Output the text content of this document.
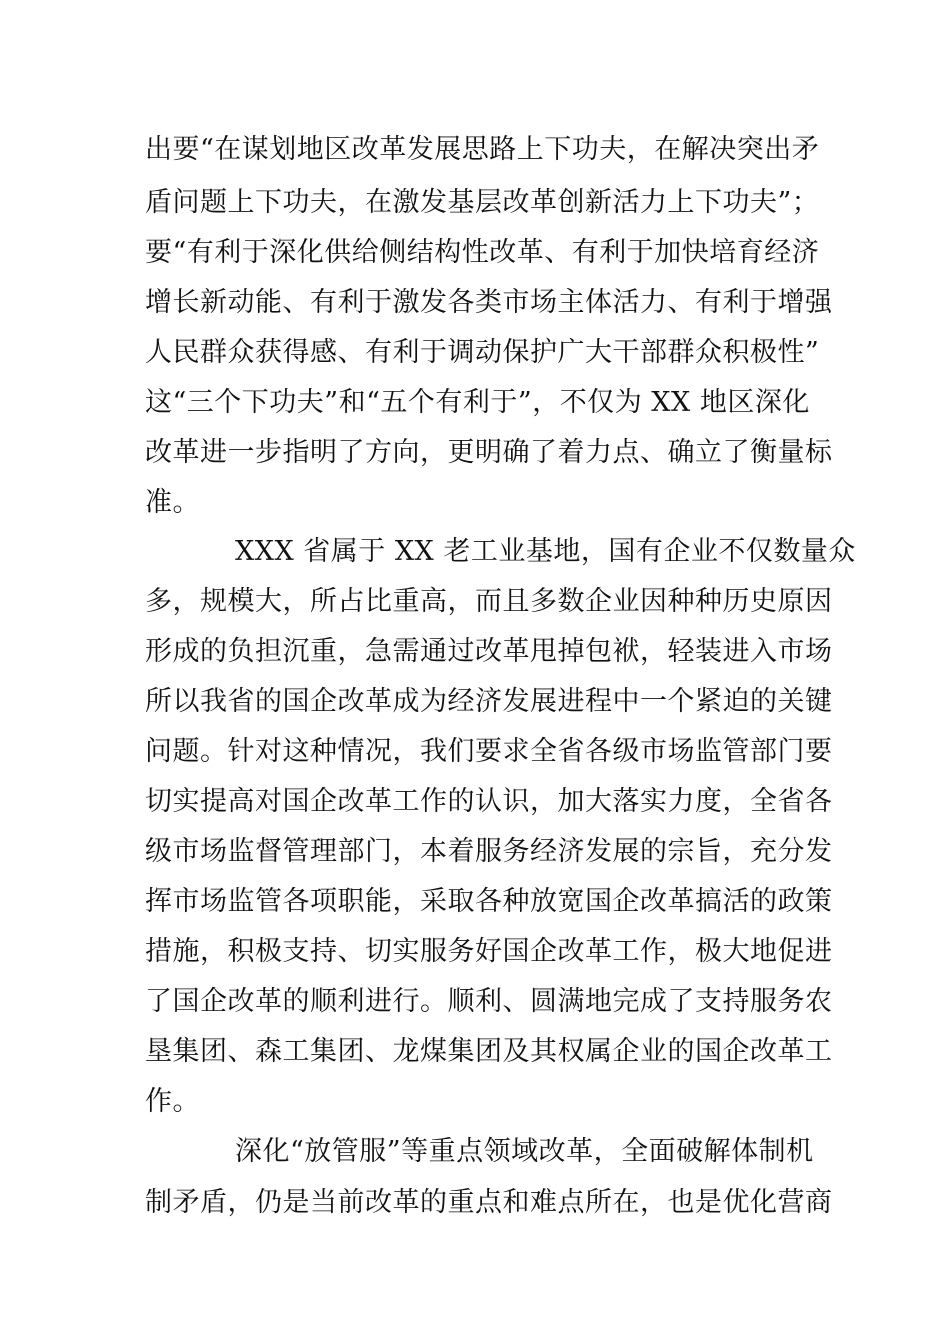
出要“在谋划地区改革发展思路上下功夫，在解决突出矛
盾问题上下功夫，在激发基层改革创新活力上下功夫”；
要“有利于深化供给侧结构性改革、有利于加快培育经济
增长新动能、有利于激发各类市场主体活力、有利于增强
人民群众获得感、有利于调动保护广大干部群众积极性”
这“三个下功夫”和“五个有利于”，不仅为 XX 地区深化
改革进一步指明了方向，更明确了着力点、确立了衡量标
准。
XXX 省属于 XX 老工业基地，国有企业不仅数量众
多，规模大，所占比重高，而且多数企业因种种历史原因
形成的负担沉重，急需通过改革甩掉包袱，轻装进入市场
所以我省的国企改革成为经济发展进程中一个紧迫的关键
问题。针对这种情况，我们要求全省各级市场监管部门要
切实提高对国企改革工作的认识，加大落实力度，全省各
级市场监督管理部门，本着服务经济发展的宗旨，充分发
挥市场监管各项职能，采取各种放宽国企改革搞活的政策
措施，积极支持、切实服务好国企改革工作，极大地促进
了国企改革的顺利进行。顺利、圆满地完成了支持服务农
垦集团、森工集团、龙煤集团及其权属企业的国企改革工
作。
深化“放管服”等重点领域改革，全面破解体制机
制矛盾，仍是当前改革的重点和难点所在，也是优化营商
